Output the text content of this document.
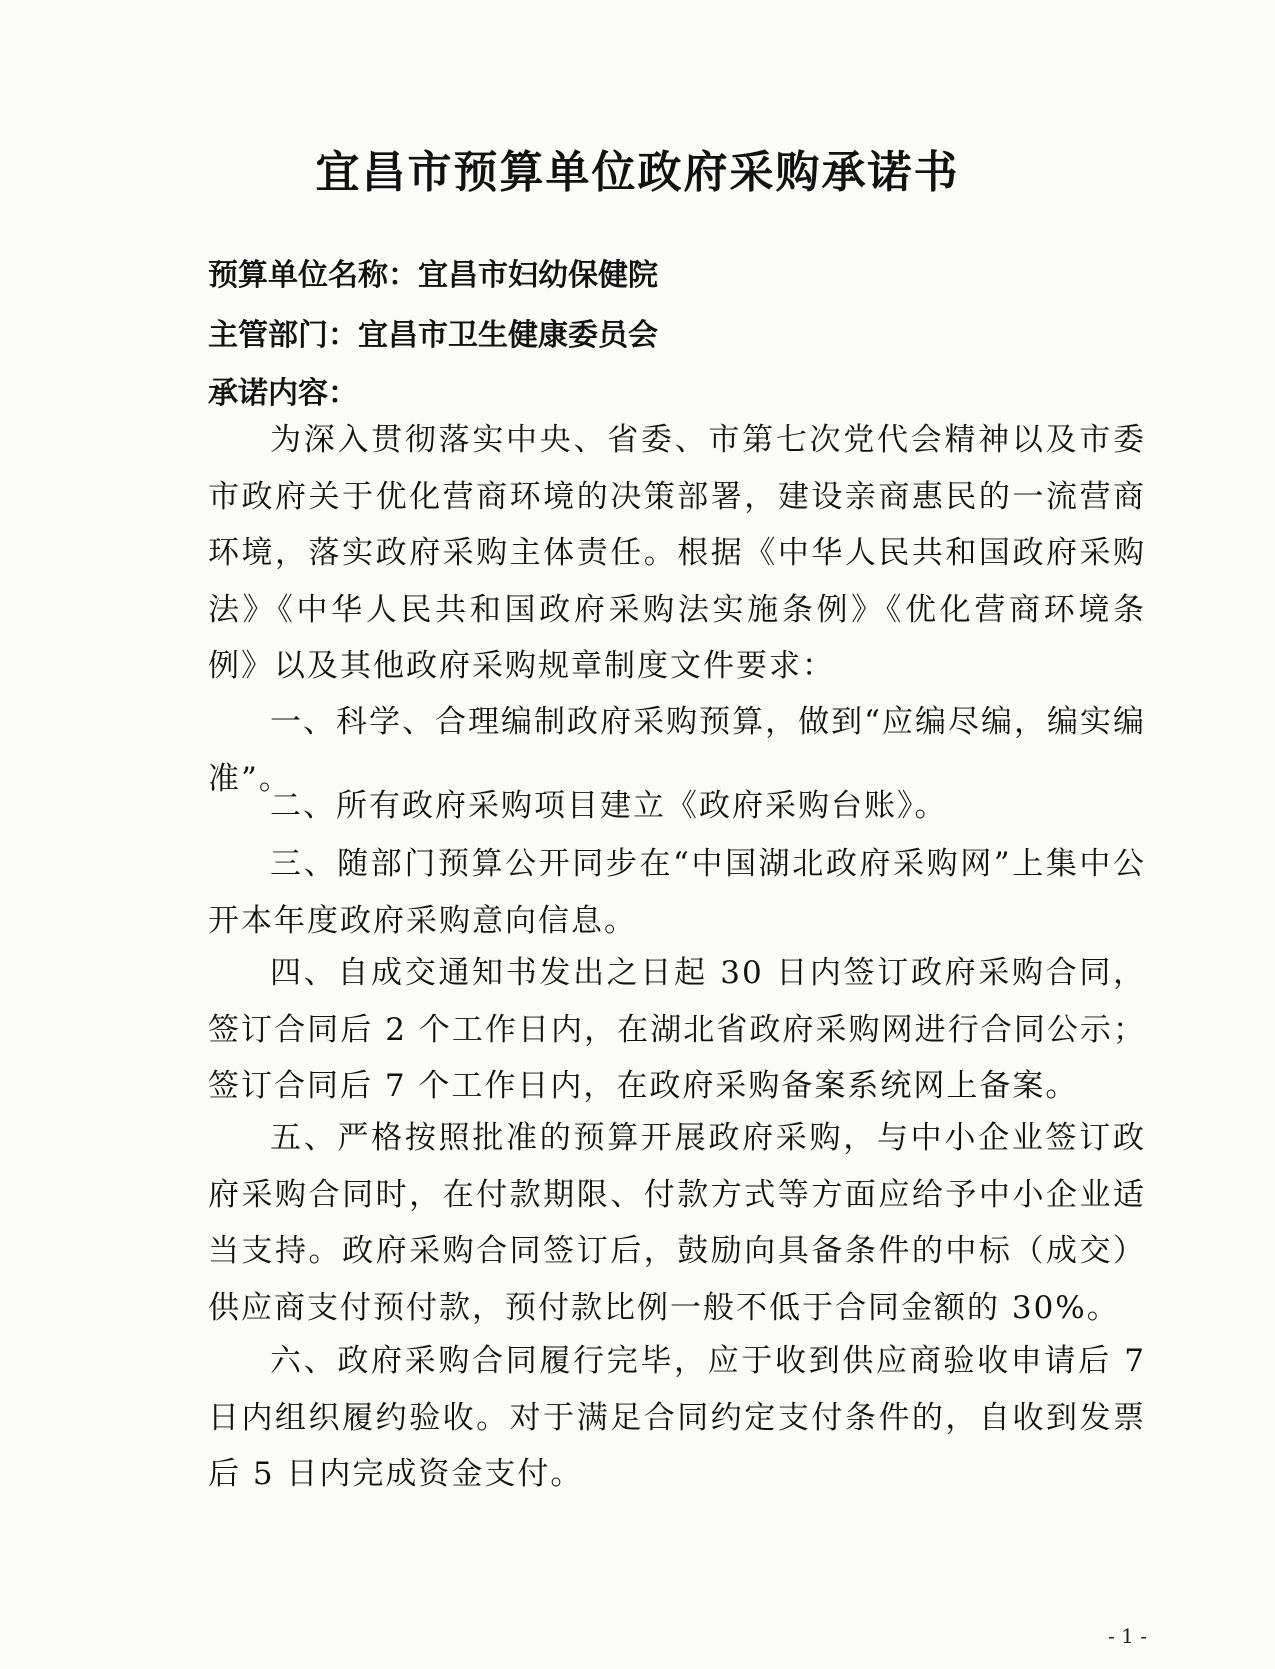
宜昌市预算单位政府采购承诺书
预算单位名称：宜昌市妇幼保健院
主管部门：宜昌市卫生健康委员会
承诺内容：
为深入贯彻落实中央、省委、市第七次党代会精神以及市委市政府关于优化营商环境的决策部署，建设亲商惠民的一流营商环境，落实政府采购主体责任。根据《中华人民共和国政府采购法》《中华人民共和国政府采购法实施条例》《优化营商环境条例》以及其他政府采购规章制度文件要求：
一、科学、合理编制政府采购预算，做到“应编尽编，编实编准”。
二、所有政府采购项目建立《政府采购台账》。
三、随部门预算公开同步在“中国湖北政府采购网”上集中公开本年度政府采购意向信息。
四、自成交通知书发出之日起 30 日内签订政府采购合同，签订合同后 2 个工作日内，在湖北省政府采购网进行合同公示；签订合同后 7 个工作日内，在政府采购备案系统网上备案。
五、严格按照批准的预算开展政府采购，与中小企业签订政府采购合同时，在付款期限、付款方式等方面应给予中小企业适当支持。政府采购合同签订后，鼓励向具备条件的中标（成交）供应商支付预付款，预付款比例一般不低于合同金额的 30%。
六、政府采购合同履行完毕，应于收到供应商验收申请后 7 日内组织履约验收。对于满足合同约定支付条件的，自收到发票后 5 日内完成资金支付。
- 1 -
